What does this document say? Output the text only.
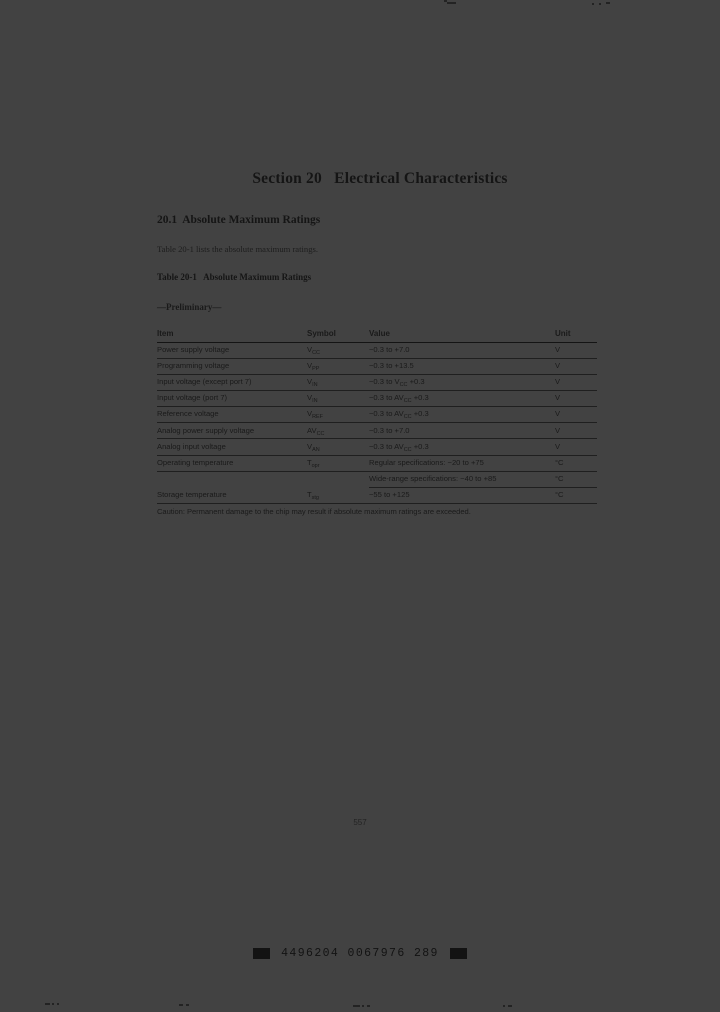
Section 20   Electrical Characteristics
20.1  Absolute Maximum Ratings

Table 20-1 lists the absolute maximum ratings.

Table 20-1   Absolute Maximum Ratings

—Preliminary—

Item	Symbol	Value	Unit
Power supply voltage	$V_{CC}$	−0.3 to +7.0	V
Programming voltage	$V_{PP}$	−0.3 to +13.5	V
Input voltage (except port 7)	$V_{IN}$	−0.3 to $V_{CC} +0.3$	V
Input voltage (port 7)	$V_{IN}$	−0.3 to $AV_{CC} +0.3$	V
Reference voltage	$V_{REF}$	−0.3 to $AV_{CC} +0.3$	V
Analog power supply voltage	$AV_{CC}$	−0.3 to +7.0	V
Analog input voltage	$V_{AN}$	−0.3 to $AV_{CC} +0.3$	V
Operating temperature	$T_{opr}$	Regular specifications: −20 to +75	°C
		Wide-range specifications: −40 to +85	°C
Storage temperature	$T_{stg}$	−55 to +125	°C

Caution: Permanent damage to the chip may result if absolute maximum ratings are exceeded.

557
4496204 0067976 289
